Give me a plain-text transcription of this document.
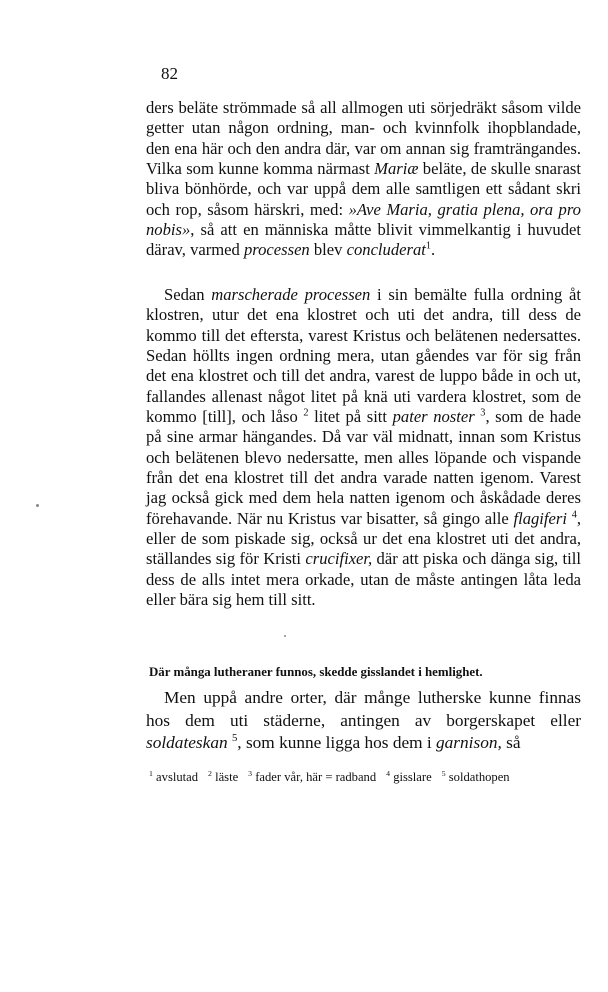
82

ders beläte strömmade så all allmogen uti sörjedräkt såsom vilde getter utan någon ordning, man- och kvinnfolk ihopblandade, den ena här och den andra där, var om annan sig framträngandes. Vilka som kunne komma närmast Mariæ beläte, de skulle snarast bliva bönhörde, och var uppå dem alle samtligen ett sådant skri och rop, såsom härskri, med: »Ave Maria, gratia plena, ora pro nobis», så att en människa måtte blivit vimmelkantig i huvudet därav, varmed processen blev concluderat$^1$.

Sedan marscherade processen i sin bemälte fulla ordning åt klostren, utur det ena klostret och uti det andra, till dess de kommo till det eftersta, varest Kristus och belätenen nedersattes. Sedan höllts ingen ordning mera, utan gåendes var för sig från det ena klostret och till det andra, varest de luppo både in och ut, fallandes allenast något litet på knä uti vardera klostret, som de kommo [till], och låso $^2$ litet på sitt pater noster $^3$, som de hade på sine armar hängandes. Då var väl midnatt, innan som Kristus och belätenen blevo nedersatte, men alles löpande och vispande från det ena klostret till det andra varade natten igenom. Varest jag också gick med dem hela natten igenom och åskådade deres förehavande. När nu Kristus var bisatter, så gingo alle flagiferi $^4$, eller de som piskade sig, också ur det ena klostret uti det andra, ställandes sig för Kristi crucifixer, där att piska och dänga sig, till dess de alls intet mera orkade, utan de måste antingen låta leda eller bära sig hem till sitt.

Där många lutheraner funnos, skedde gisslandet i hemlighet.

Men uppå andre orter, där månge lutherske kunne finnas hos dem uti städerne, antingen av borgerskapet eller soldateskan $^5$, som kunne ligga hos dem i garnison, så

$^1$ avslutad $^2$ läste $^3$ fader vår, här = radband $^4$ gisslare $^5$ soldathopen
